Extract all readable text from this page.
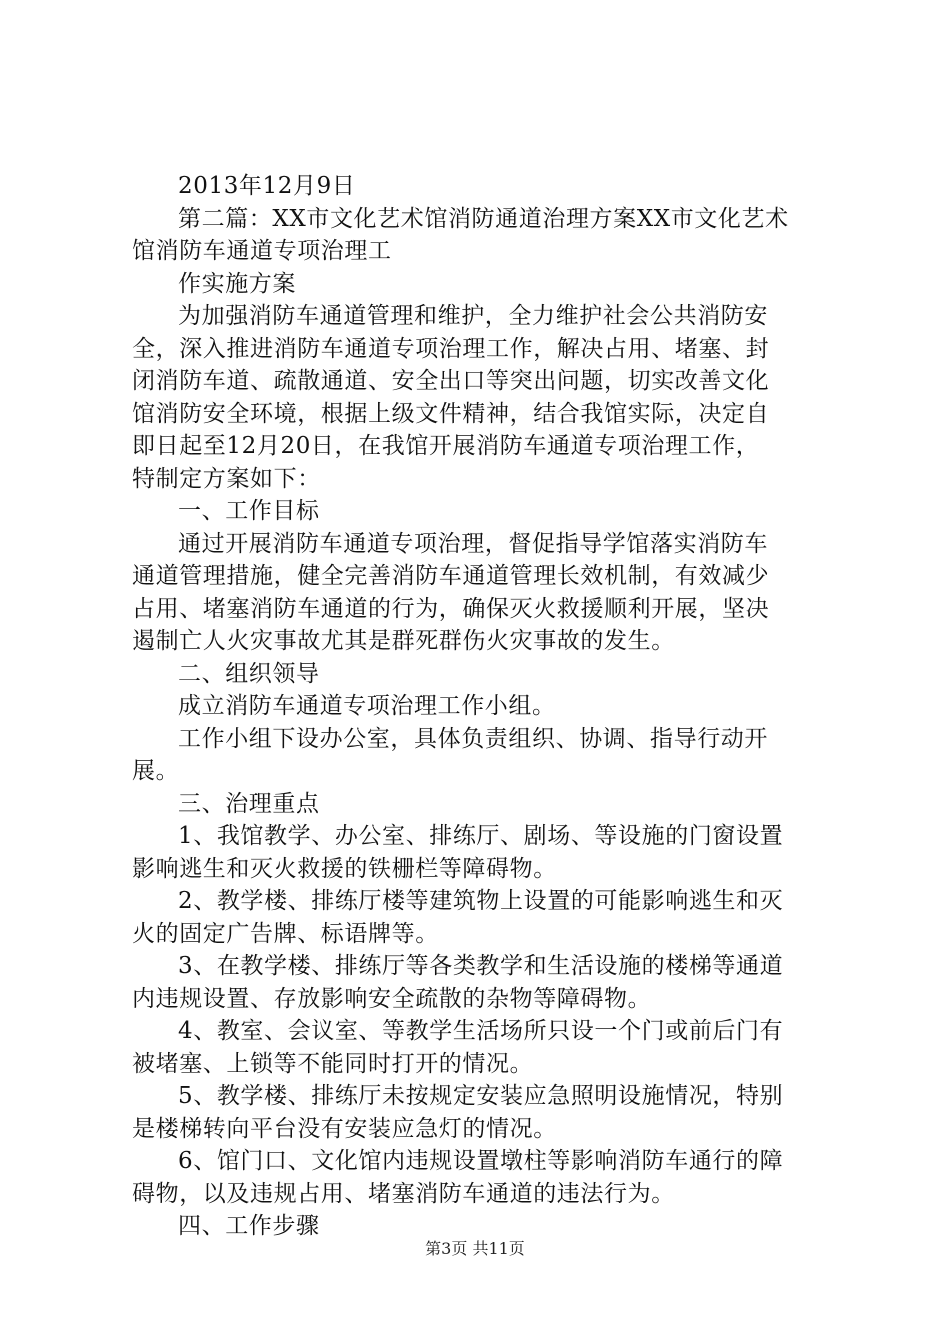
2013年12月9日
第二篇：XX市文化艺术馆消防通道治理方案XX市文化艺术
馆消防车通道专项治理工
作实施方案
为加强消防车通道管理和维护，全力维护社会公共消防安
全，深入推进消防车通道专项治理工作，解决占用、堵塞、封
闭消防车道、疏散通道、安全出口等突出问题，切实改善文化
馆消防安全环境，根据上级文件精神，结合我馆实际，决定自
即日起至12月20日，在我馆开展消防车通道专项治理工作，
特制定方案如下：
一、工作目标
通过开展消防车通道专项治理，督促指导学馆落实消防车
通道管理措施，健全完善消防车通道管理长效机制，有效减少
占用、堵塞消防车通道的行为，确保灭火救援顺利开展，坚决
遏制亡人火灾事故尤其是群死群伤火灾事故的发生。
二、组织领导
成立消防车通道专项治理工作小组。
工作小组下设办公室，具体负责组织、协调、指导行动开
展。
三、治理重点
1、我馆教学、办公室、排练厅、剧场、等设施的门窗设置
影响逃生和灭火救援的铁栅栏等障碍物。
2、教学楼、排练厅楼等建筑物上设置的可能影响逃生和灭
火的固定广告牌、标语牌等。
3、在教学楼、排练厅等各类教学和生活设施的楼梯等通道
内违规设置、存放影响安全疏散的杂物等障碍物。
4、教室、会议室、等教学生活场所只设一个门或前后门有
被堵塞、上锁等不能同时打开的情况。
5、教学楼、排练厅未按规定安装应急照明设施情况，特别
是楼梯转向平台没有安装应急灯的情况。
6、馆门口、文化馆内违规设置墩柱等影响消防车通行的障
碍物，以及违规占用、堵塞消防车通道的违法行为。
四、工作步骤
第3页 共11页
